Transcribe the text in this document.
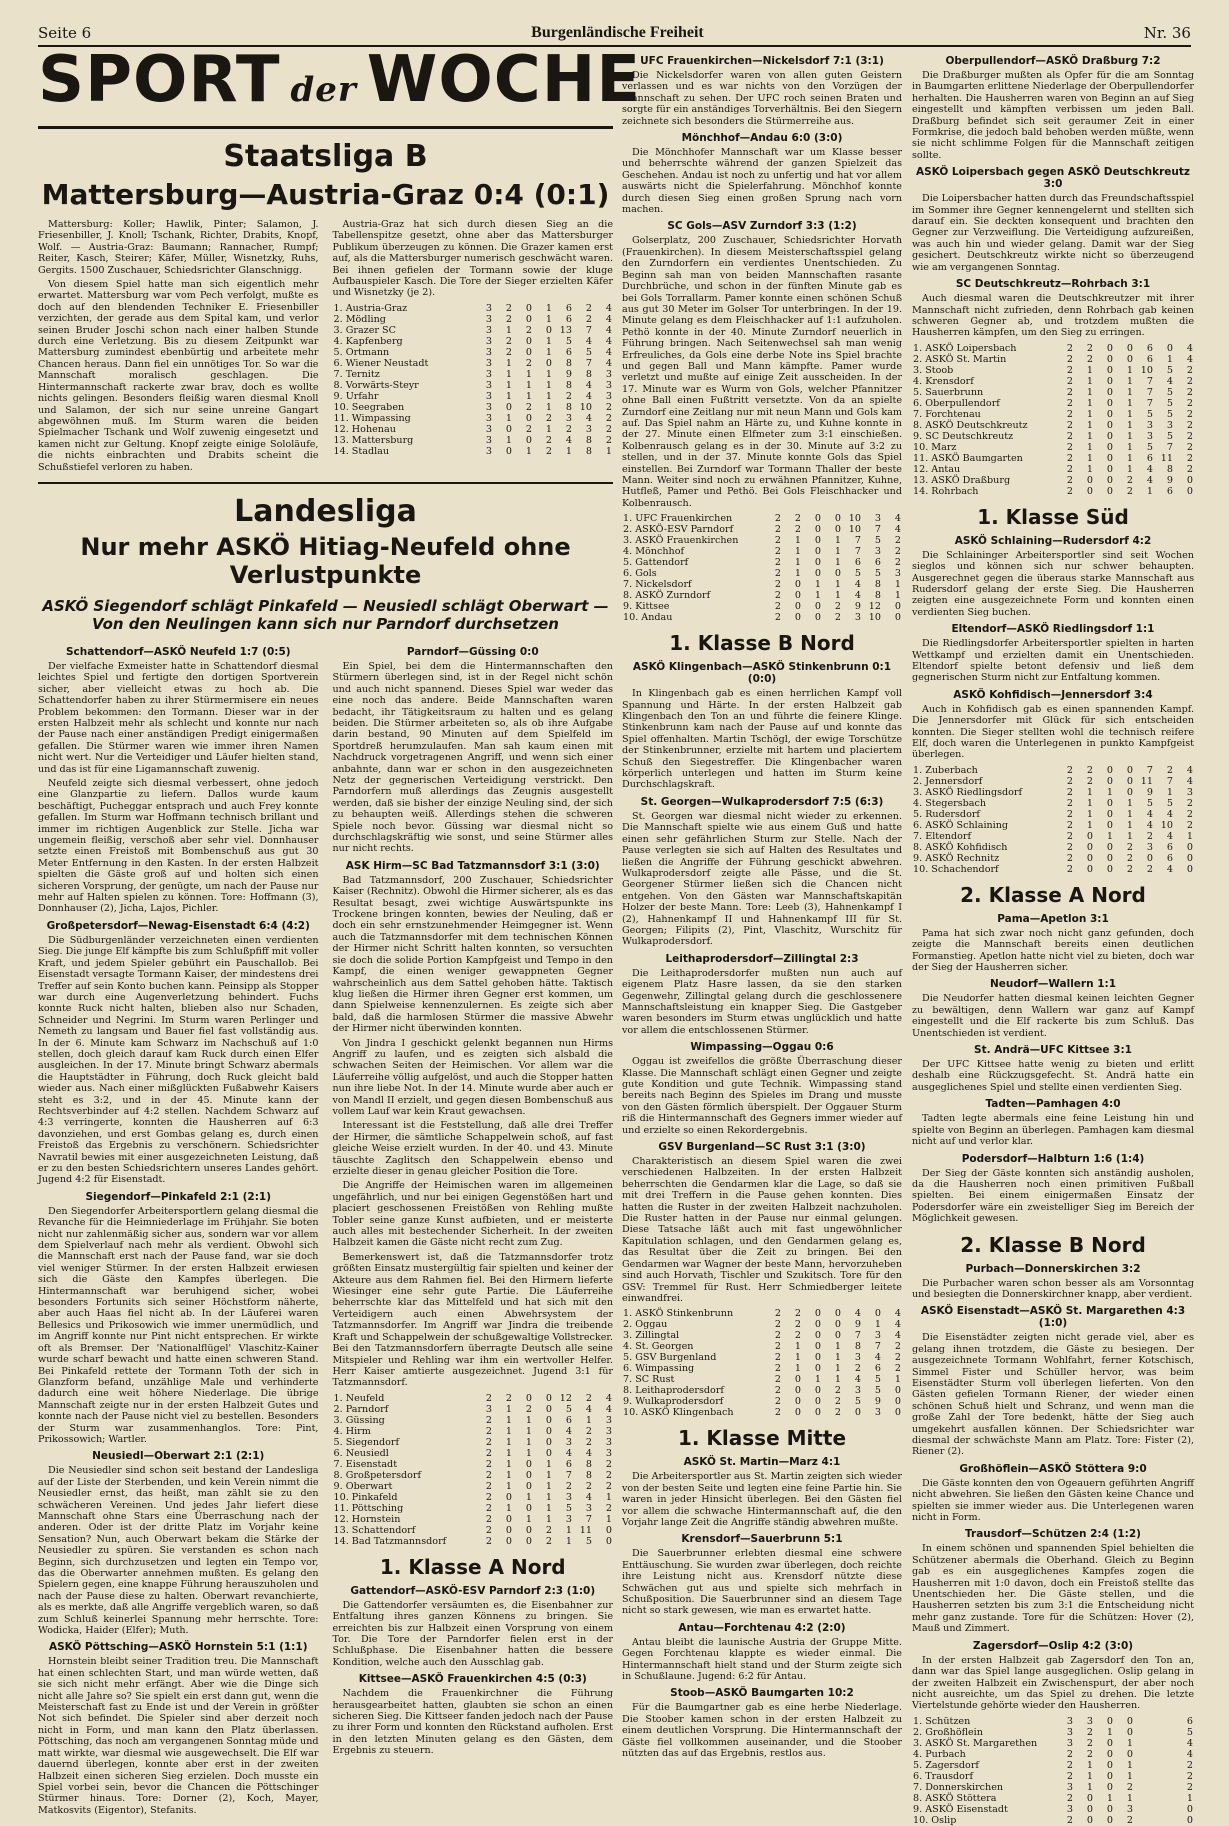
Seite 6	Burgenländische Freiheit	Nr. 36
SPORT der WOCHE
Staatsliga B
Mattersburg—Austria-Graz 0:4 (0:1)

Mattersburg: Koller; Hawlik, Pinter; Salamon, J. Friesenbiller, J. Knoll; Tschank, Richter, Drabits, Knopf, Wolf. — Austria-Graz: Baumann; Rannacher, Rumpf; Reiter, Kasch, Steirer; Käfer, Müller, Wisnetzky, Ruhs, Gergits. 1500 Zuschauer, Schiedsrichter Glanschnigg.

Von diesem Spiel hatte man sich eigentlich mehr erwartet. Mattersburg war vom Pech verfolgt, mußte es doch auf den blendenden Techniker E. Friesenbiller verzichten, der gerade aus dem Spital kam, und verlor seinen Bruder Joschi schon nach einer halben Stunde durch eine Verletzung. Bis zu diesem Zeitpunkt war Mattersburg zumindest ebenbürtig und arbeitete mehr Chancen heraus. Dann fiel ein unnötiges Tor. So war die Mannschaft moralisch geschlagen. Die Hintermannschaft rackerte zwar brav, doch es wollte nichts gelingen. Besonders fleißig waren diesmal Knoll und Salamon, der sich nur seine unreine Gangart abgewöhnen muß. Im Sturm waren die beiden Spielmacher Tschank und Wolf zuwenig eingesetzt und kamen nicht zur Geltung. Knopf zeigte einige Sololäufe, die nichts einbrachten und Drabits scheint die Schußstiefel verloren zu haben.

Austria-Graz hat sich durch diesen Sieg an die Tabellenspitze gesetzt, ohne aber das Mattersburger Publikum überzeugen zu können. Die Grazer kamen erst auf, als die Mattersburger numerisch geschwächt waren. Bei ihnen gefielen der Tormann sowie der kluge Aufbauspieler Kasch. Die Tore der Sieger erzielten Käfer und Wisnetzky (je 2).

1. Austria-Graz	3	2	0	1	6	2	4
2. Mödling	3	2	0	1	6	2	4
3. Grazer SC	3	1	2	0	13	7	4
4. Kapfenberg	3	2	0	1	5	4	4
5. Ortmann	3	2	0	1	6	5	4
6. Wiener Neustadt	3	1	2	0	8	7	4
7. Ternitz	3	1	1	1	9	8	3
8. Vorwärts-Steyr	3	1	1	1	8	4	3
9. Urfahr	3	1	1	1	2	4	3
10. Seegraben	3	0	2	1	8	10	2
11. Wimpassing	3	1	0	2	3	4	2
12. Hohenau	3	0	2	1	2	3	2
13. Mattersburg	3	1	0	2	4	8	2
14. Stadlau	3	0	1	2	1	8	1
Landesliga
Nur mehr ASKÖ Hitiag-Neufeld ohne Verlustpunkte
ASKÖ Siegendorf schlägt Pinkafeld — Neusiedl schlägt Oberwart — Von den Neulingen kann sich nur Parndorf durchsetzen
Schattendorf—ASKÖ Neufeld 1:7 (0:5)

Der vielfache Exmeister hatte in Schattendorf diesmal leichtes Spiel und fertigte den dortigen Sportverein sicher, aber vielleicht etwas zu hoch ab. Die Schattendorfer haben zu ihrer Stürmermisere ein neues Problem bekommen: den Tormann. Dieser war in der ersten Halbzeit mehr als schlecht und konnte nur nach der Pause nach einer anständigen Predigt einigermaßen gefallen. Die Stürmer waren wie immer ihren Namen nicht wert. Nur die Verteidiger und Läufer hielten stand, und das ist für eine Ligamannschaft zuwenig.

Neufeld zeigte sich diesmal verbessert, ohne jedoch eine Glanzpartie zu liefern. Dallos wurde kaum beschäftigt, Pucheggar entsprach und auch Frey konnte gefallen. Im Sturm war Hoffmann technisch brillant und immer im richtigen Augenblick zur Stelle. Jicha war ungemein fleißig, verschoß aber sehr viel. Donnhauser setzte einen Freistoß mit Bombenschuß aus gut 30 Meter Entfernung in den Kasten. In der ersten Halbzeit spielten die Gäste groß auf und holten sich einen sicheren Vorsprung, der genügte, um nach der Pause nur mehr auf Halten spielen zu können. Tore: Hoffmann (3), Donnhauser (2), Jicha, Lajos, Pichler.

Großpetersdorf—Newag-Eisenstadt 6:4 (4:2)

Die Südburgenländer verzeichneten einen verdienten Sieg. Die junge Elf kämpfte bis zum Schlußpfiff mit voller Kraft, und jedem Spieler gebührt ein Pauschallob. Bei Eisenstadt versagte Tormann Kaiser, der mindestens drei Treffer auf sein Konto buchen kann. Peinsipp als Stopper war durch eine Augenverletzung behindert. Fuchs konnte Ruck nicht halten, blieben also nur Schaden, Schneider und Negrini. Im Sturm waren Perlinger und Nemeth zu langsam und Bauer fiel fast vollständig aus. In der 6. Minute kam Schwarz im Nachschuß auf 1:0 stellen, doch gleich darauf kam Ruck durch einen Elfer ausgleichen. In der 17. Minute bringt Schwarz abermals die Hauptstädter in Führung, doch Ruck gleicht bald wieder aus. Nach einer mißglückten Fußabwehr Kaisers steht es 3:2, und in der 45. Minute kann der Rechtsverbinder auf 4:2 stellen. Nachdem Schwarz auf 4:3 verringerte, konnten die Hausherren auf 6:3 davonziehen, und erst Gombas gelang es, durch einen Freistoß das Ergebnis zu verschönern. Schiedsrichter Navratil bewies mit einer ausgezeichneten Leistung, daß er zu den besten Schiedsrichtern unseres Landes gehört. Jugend 4:2 für Eisenstadt.

Siegendorf—Pinkafeld 2:1 (2:1)

Den Siegendorfer Arbeitersportlern gelang diesmal die Revanche für die Heimniederlage im Frühjahr. Sie boten nicht nur zahlenmäßig sicher aus, sondern war vor allem dem Spielverlauf nach mehr als verdient. Obwohl sich die Mannschaft erst nach der Pause fand, war sie doch viel weniger Stürmer. In der ersten Halbzeit erwiesen sich die Gäste den Kampfes überlegen. Die Hintermannschaft war beruhigend sicher, wobei besonders Fortunits sich seiner Höchstform näherte, aber auch Haas fiel nicht ab. In der Läuferei waren Bellesics und Prikosowich wie immer unermüdlich, und im Angriff konnte nur Pint nicht entsprechen. Er wirkte oft als Bremser. Der 'Nationalflügel' Vlaschitz-Kainer wurde scharf bewacht und hatte einen schweren Stand. Bei Pinkafeld rettete der Tormann Toth der sich in Glanzform befand, unzählige Male und verhinderte dadurch eine weit höhere Niederlage. Die übrige Mannschaft zeigte nur in der ersten Halbzeit Gutes und konnte nach der Pause nicht viel zu bestellen. Besonders der Sturm war zusammenhanglos. Tore: Pint, Prikossowich; Wartler.

Neusiedl—Oberwart 2:1 (2:1)

Die Neusiedler sind schon seit bestand der Landesliga auf der Liste der Sterbenden, und kein Verein nimmt die Neusiedler ernst, das heißt, man zählt sie zu den schwächeren Vereinen. Und jedes Jahr liefert diese Mannschaft ohne Stars eine Überraschung nach der anderen. Oder ist der dritte Platz im Vorjahr keine Sensation? Nun, auch Oberwart bekam die Stärke der Neusiedler zu spüren. Sie verstanden es schon nach Beginn, sich durchzusetzen und legten ein Tempo vor, das die Oberwarter annehmen mußten. Es gelang den Spielern gegen, eine knappe Führung herauszuholen und nach der Pause diese zu halten. Oberwart revanchierte, als es merkte, daß alle Angriffe vergeblich waren, so daß zum Schluß keinerlei Spannung mehr herrschte. Tore: Wodicka, Haider (Elfer); Muth.

ASKÖ Pöttsching—ASKÖ Hornstein 5:1 (1:1)

Hornstein bleibt seiner Tradition treu. Die Mannschaft hat einen schlechten Start, und man würde wetten, daß sie sich nicht mehr erfängt. Aber wie die Dinge sich nicht alle Jahre so? Sie spielt ein erst dann gut, wenn die Meisterschaft fast zu Ende ist und der Verein in größter Not sich befindet. Die Spieler sind aber derzeit noch nicht in Form, und man kann den Platz überlassen. Pöttsching, das noch am vergangenen Sonntag müde und matt wirkte, war diesmal wie ausgewechselt. Die Elf war dauernd überlegen, konnte aber erst in der zweiten Halbzeit einen sicheren Sieg erzielen. Doch musste ein Spiel vorbei sein, bevor die Chancen die Pöttschinger Stürmer hinaus. Tore: Dorner (2), Koch, Mayer, Matkosvits (Eigentor), Stefanits.

Parndorf—Güssing 0:0

Ein Spiel, bei dem die Hintermannschaften den Stürmern überlegen sind, ist in der Regel nicht schön und auch nicht spannend. Dieses Spiel war weder das eine noch das andere. Beide Mannschaften waren bedacht, ihr Tätigkeitsraum zu halten und es gelang beiden. Die Stürmer arbeiteten so, als ob ihre Aufgabe darin bestand, 90 Minuten auf dem Spielfeld im Sportdreß herumzulaufen. Man sah kaum einen mit Nachdruck vorgetragenen Angriff, und wenn sich einer anbahnte, dann war er schon in den ausgezeichneten Netz der gegnerischen Verteidigung verstrickt. Den Parndorfern muß allerdings das Zeugnis ausgestellt werden, daß sie bisher der einzige Neuling sind, der sich zu behaupten weiß. Allerdings stehen die schweren Spiele noch bevor. Güssing war diesmal nicht so durchschlagskräftig wie sonst, und seine Stürmer alles nur nicht rechts.

ASK Hirm—SC Bad Tatzmannsdorf 3:1 (3:0)

Bad Tatzmannsdorf, 200 Zuschauer, Schiedsrichter Kaiser (Rechnitz). Obwohl die Hirmer sicherer, als es das Resultat besagt, zwei wichtige Auswärtspunkte ins Trockene bringen konnten, bewies der Neuling, daß er doch ein sehr ernstzunehmender Heimgegner ist. Wenn auch die Tatzmannsdorfer mit dem technischen Können der Hirmer nicht Schritt halten konnten, so versuchten sie doch die solide Portion Kampfgeist und Tempo in den Kampf, die einen weniger gewappneten Gegner wahrscheinlich aus dem Sattel gehoben hätte. Taktisch klug ließen die Hirmer ihren Gegner erst kommen, um dann Spielweise kennenzulernen. Es zeigte sich aber bald, daß die harmlosen Stürmer die massive Abwehr der Hirmer nicht überwinden konnten.

Von Jindra I geschickt gelenkt begannen nun Hirms Angriff zu laufen, und es zeigten sich alsbald die schwachen Seiten der Heimischen. Vor allem war die Läuferreihe völlig aufgelöst, und auch die Stopper hatten nun ihre liebe Not. In der 14. Minute wurde aber auch er von Mandl II erzielt, und gegen diesen Bombenschuß aus vollem Lauf war kein Kraut gewachsen.

Interessant ist die Feststellung, daß alle drei Treffer der Hirmer, die sämtliche Schappelwein schoß, auf fast gleiche Weise erzielt wurden. In der 40. und 43. Minute täuschte Zaglitsch den Schappelwein ebenso und erzielte dieser in genau gleicher Position die Tore.

Die Angriffe der Heimischen waren im allgemeinen ungefährlich, und nur bei einigen Gegenstößen hart und placiert geschossenen Freistößen von Rehling mußte Tobler seine ganze Kunst aufbieten, und er meisterte auch alles mit bestechender Sicherheit. In der zweiten Halbzeit kamen die Gäste nicht recht zum Zug.

Bemerkenswert ist, daß die Tatzmannsdorfer trotz größten Einsatz mustergültig fair spielten und keiner der Akteure aus dem Rahmen fiel. Bei den Hirmern lieferte Wiesinger eine sehr gute Partie. Die Läuferreihe beherrschte klar das Mittelfeld und hat sich mit den Verteidigern auch einen Abwehrsystem der Tatzmannsdorfer. Im Angriff war Jindra die treibende Kraft und Schappelwein der schußgewaltige Vollstrecker. Bei den Tatzmannsdorfern überragte Deutsch alle seine Mitspieler und Rehling war ihm ein wertvoller Helfer. Herr Kaiser amtierte ausgezeichnet. Jugend 3:1 für Tatzmannsdorf.

1. Neufeld	2	2	0	0	12	2	4
2. Parndorf	3	1	2	0	5	4	4
3. Güssing	2	1	1	0	6	1	3
4. Hirm	2	1	1	0	4	2	3
5. Siegendorf	2	1	1	0	3	2	3
6. Neusiedl	2	1	1	0	4	4	3
7. Eisenstadt	2	1	0	1	6	8	2
8. Großpetersdorf	2	1	0	1	7	8	2
9. Oberwart	2	1	0	1	2	2	2
10. Pinkafeld	2	0	1	1	3	4	1
11. Pöttsching	2	1	0	1	5	3	2
12. Hornstein	2	0	1	1	3	7	1
13. Schattendorf	2	0	0	2	1	11	0
14. Bad Tatzmannsdorf	2	0	0	2	1	5	0
1. Klasse A Nord
Gattendorf—ASKÖ-ESV Parndorf 2:3 (1:0)

Die Gattendorfer versäumten es, die Eisenbahner zur Entfaltung ihres ganzen Könnens zu bringen. Sie erreichten bis zur Halbzeit einen Vorsprung von einem Tor. Die Tore der Parndorfer fielen erst in der Schlußphase. Die Eisenbahner hatten die bessere Kondition, welche auch den Ausschlag gab.

Kittsee—ASKÖ Frauenkirchen 4:5 (0:3)

Nachdem die Frauenkirchner die Führung herausgearbeitet hatten, glaubten sie schon an einen sicheren Sieg. Die Kittseer fanden jedoch nach der Pause zu ihrer Form und konnten den Rückstand aufholen. Erst in den letzten Minuten gelang es den Gästen, dem Ergebnis zu steuern.

UFC Frauenkirchen—Nickelsdorf 7:1 (3:1)

Die Nickelsdorfer waren von allen guten Geistern verlassen und es war nichts von den Vorzügen der Mannschaft zu sehen. Der UFC roch seinen Braten und sorgte für ein anständiges Torverhältnis. Bei den Siegern zeichnete sich besonders die Stürmerreihe aus.

Mönchhof—Andau 6:0 (3:0)

Die Mönchhofer Mannschaft war um Klasse besser und beherrschte während der ganzen Spielzeit das Geschehen. Andau ist noch zu unfertig und hat vor allem auswärts nicht die Spielerfahrung. Mönchhof konnte durch diesen Sieg einen großen Sprung nach vorn machen.

SC Gols—ASV Zurndorf 3:3 (1:2)

Golserplatz, 200 Zuschauer, Schiedsrichter Horvath (Frauenkirchen). In diesem Meisterschaftsspiel gelang den Zurndorfern ein verdientes Unentschieden. Zu Beginn sah man von beiden Mannschaften rasante Durchbrüche, und schon in der fünften Minute gab es bei Gols Torrallarm. Pamer konnte einen schönen Schuß aus gut 30 Meter im Golser Tor unterbringen. In der 19. Minute gelang es dem Fleischhacker auf 1:1 aufzuholen. Pethö konnte in der 40. Minute Zurndorf neuerlich in Führung bringen. Nach Seitenwechsel sah man wenig Erfreuliches, da Gols eine derbe Note ins Spiel brachte und gegen Ball und Mann kämpfte. Pamer wurde verletzt und mußte auf einige Zeit ausscheiden. In der 17. Minute war es Wurm von Gols, welcher Pfannitzer ohne Ball einen Fußtritt versetzte. Von da an spielte Zurndorf eine Zeitlang nur mit neun Mann und Gols kam auf. Das Spiel nahm an Härte zu, und Kuhne konnte in der 27. Minute einen Elfmeter zum 3:1 einschießen. Kolbenrausch gelang es in der 30. Minute auf 3:2 zu stellen, und in der 37. Minute konnte Gols das Spiel einstellen. Bei Zurndorf war Tormann Thaller der beste Mann. Weiter sind noch zu erwähnen Pfannitzer, Kuhne, Hutfleß, Pamer und Pethö. Bei Gols Fleischhacker und Kolbenrausch.

1. UFC Frauenkirchen	2	2	0	0	10	3	4
2. ASKÖ-ESV Parndorf	2	2	0	0	10	7	4
3. ASKÖ Frauenkirchen	2	1	0	1	7	5	2
4. Mönchhof	2	1	0	1	7	3	2
5. Gattendorf	2	1	0	1	6	6	2
6. Gols	2	1	0	0	5	5	3
7. Nickelsdorf	2	0	1	1	4	8	1
8. ASKÖ Zurndorf	2	0	1	1	4	8	1
9. Kittsee	2	0	0	2	9	12	0
10. Andau	2	0	0	2	3	10	0
1. Klasse B Nord
ASKÖ Klingenbach—ASKÖ Stinkenbrunn 0:1 (0:0)

In Klingenbach gab es einen herrlichen Kampf voll Spannung und Härte. In der ersten Halbzeit gab Klingenbach den Ton an und führte die feinere Klinge. Stinkenbrunn kam nach der Pause auf und konnte das Spiel offenhalten. Martin Tschögl, der ewige Torschütze der Stinkenbrunner, erzielte mit hartem und placiertem Schuß den Siegestreffer. Die Klingenbacher waren körperlich unterlegen und hatten im Sturm keine Durchschlagskraft.

St. Georgen—Wulkaprodersdorf 7:5 (6:3)

St. Georgen war diesmal nicht wieder zu erkennen. Die Mannschaft spielte wie aus einem Guß und hatte einen sehr gefährlichen Sturm zur Stelle. Nach der Pause verlegten sie sich auf Halten des Resultates und ließen die Angriffe der Führung geschickt abwehren. Wulkaprodersdorf zeigte alle Pässe, und die St. Georgener Stürmer ließen sich die Chancen nicht entgehen. Von den Gästen war Mannschaftskapitän Holzer der beste Mann. Tore: Leeb (3), Hahnenkampf I (2), Hahnenkampf II und Hahnenkampf III für St. Georgen; Filipits (2), Pint, Vlaschitz, Wurschitz für Wulkaprodersdorf.

Leithaprodersdorf—Zillingtal 2:3

Die Leithaprodersdorfer mußten nun auch auf eigenem Platz Hasre lassen, da sie den starken Gegenwehr, Zillingtal gelang durch die geschlossenere Mannschaftsleistung ein knapper Sieg. Die Gastgeber waren besonders im Sturm etwas unglücklich und hatte vor allem die entschlossenen Stürmer.

Wimpassing—Oggau 0:6

Oggau ist zweifellos die größte Überraschung dieser Klasse. Die Mannschaft schlägt einen Gegner und zeigte gute Kondition und gute Technik. Wimpassing stand bereits nach Beginn des Spieles im Drang und musste von den Gästen förmlich überspielt. Der Oggauer Sturm riß die Hintermannschaft des Gegners immer wieder auf und erzielte so einen Rekordergebnis.

GSV Burgenland—SC Rust 3:1 (3:0)

Charakteristisch an diesem Spiel waren die zwei verschiedenen Halbzeiten. In der ersten Halbzeit beherrschten die Gendarmen klar die Lage, so daß sie mit drei Treffern in die Pause gehen konnten. Dies hatten die Ruster in der zweiten Halbzeit nachzuholen. Die Ruster hatten in der Pause nur einmal gelungen. Diese Tatsache läßt auch mit fast ungewöhnlicher Kapitulation schlagen, und den Gendarmen gelang es, das Resultat über die Zeit zu bringen. Bei den Gendarmen war Wagner der beste Mann, hervorzuheben sind auch Horvath, Tischler und Szukitsch. Tore für den GSV: Tremmel für Rust. Herr Schmiedberger leitete einwandfrei.

1. ASKÖ Stinkenbrunn	2	2	0	0	4	0	4
2. Oggau	2	2	0	0	9	1	4
3. Zillingtal	2	2	0	0	7	3	4
4. St. Georgen	2	1	0	1	8	7	2
5. GSV Burgenland	2	1	0	1	3	4	2
6. Wimpassing	2	1	0	1	2	6	2
7. SC Rust	2	0	1	1	4	5	1
8. Leithaprodersdorf	2	0	0	2	3	5	0
9. Wulkaprodersdorf	2	0	0	2	5	9	0
10. ASKÖ Klingenbach	2	0	0	2	0	3	0
1. Klasse Mitte
ASKÖ St. Martin—Marz 4:1

Die Arbeitersportler aus St. Martin zeigten sich wieder von der besten Seite und legten eine feine Partie hin. Sie waren in jeder Hinsicht überlegen. Bei den Gästen fiel vor allem die schwache Hintermannschaft auf, die den Vorjahr lange Zeit die Angriffe ständig abwehren mußte.

Krensdorf—Sauerbrunn 5:1

Die Sauerbrunner erlebten diesmal eine schwere Enttäuschung. Sie wurden zwar überlegen, doch reichte ihre Leistung nicht aus. Krensdorf nützte diese Schwächen gut aus und spielte sich mehrfach in Schußposition. Die Sauerbrunner sind an diesem Tage nicht so stark gewesen, wie man es erwartet hatte.

Antau—Forchtenau 4:2 (2:0)

Antau bleibt die launische Austria der Gruppe Mitte. Gegen Forchtenau klappte es wieder einmal. Die Hintermannschaft hielt stand und der Sturm zeigte sich in Schußlaune. Jugend: 6:2 für Antau.

Stoob—ASKÖ Baumgarten 10:2

Für die Baumgartner gab es eine herbe Niederlage. Die Stoober kamen schon in der ersten Halbzeit zu einem deutlichen Vorsprung. Die Hintermannschaft der Gäste fiel vollkommen auseinander, und die Stoober nützten das auf das Ergebnis, restlos aus.

Oberpullendorf—ASKÖ Draßburg 7:2

Die Draßburger mußten als Opfer für die am Sonntag in Baumgarten erlittene Niederlage der Oberpullendorfer herhalten. Die Hausherren waren von Beginn an auf Sieg eingestellt und kämpften verbissen um jeden Ball. Draßburg befindet sich seit geraumer Zeit in einer Formkrise, die jedoch bald behoben werden müßte, wenn sie nicht schlimme Folgen für die Mannschaft zeitigen sollte.

ASKÖ Loipersbach gegen ASKÖ Deutschkreutz 3:0

Die Loipersbacher hatten durch das Freundschaftsspiel im Sommer ihre Gegner kennengelernt und stellten sich darauf ein. Sie deckten konsequent und brachten den Gegner zur Verzweiflung. Die Verteidigung aufzureißen, was auch hin und wieder gelang. Damit war der Sieg gesichert. Deutschkreutz wirkte nicht so überzeugend wie am vergangenen Sonntag.

SC Deutschkreutz—Rohrbach 3:1

Auch diesmal waren die Deutschkreutzer mit ihrer Mannschaft nicht zufrieden, denn Rohrbach gab keinen schweren Gegner ab, und trotzdem mußten die Hausherren kämpfen, um den Sieg zu erringen.

1. ASKÖ Loipersbach	2	2	0	0	6	0	4
2. ASKÖ St. Martin	2	2	0	0	6	1	4
3. Stoob	2	1	0	1	10	5	2
4. Krensdorf	2	1	0	1	7	4	2
5. Sauerbrunn	2	1	0	1	7	5	2
6. Oberpullendorf	2	1	0	1	7	5	2
7. Forchtenau	2	1	0	1	5	5	2
8. ASKÖ Deutschkreutz	2	1	0	1	3	3	2
9. SC Deutschkreutz	2	1	0	1	3	5	2
10. Marz	2	1	0	1	5	7	2
11. ASKÖ Baumgarten	2	1	0	1	6	11	2
12. Antau	2	1	0	1	4	8	2
13. ASKÖ Draßburg	2	0	0	2	4	9	0
14. Rohrbach	2	0	0	2	1	6	0
1. Klasse Süd
ASKÖ Schlaining—Rudersdorf 4:2

Die Schlaininger Arbeitersportler sind seit Wochen sieglos und können sich nur schwer behaupten. Ausgerechnet gegen die überaus starke Mannschaft aus Rudersdorf gelang der erste Sieg. Die Hausherren zeigten eine ausgezeichnete Form und konnten einen verdienten Sieg buchen.

Eltendorf—ASKÖ Riedlingsdorf 1:1

Die Riedlingsdorfer Arbeitersportler spielten in harten Wettkampf und erzielten damit ein Unentschieden. Eltendorf spielte betont defensiv und ließ dem gegnerischen Sturm nicht zur Entfaltung kommen.

ASKÖ Kohfidisch—Jennersdorf 3:4

Auch in Kohfidisch gab es einen spannenden Kampf. Die Jennersdorfer mit Glück für sich entscheiden konnten. Die Sieger stellten wohl die technisch reifere Elf, doch waren die Unterlegenen in punkto Kampfgeist überlegen.

1. Zuberbach	2	2	0	0	7	2	4
2. Jennersdorf	2	2	0	0	11	7	4
3. ASKÖ Riedlingsdorf	2	1	1	0	9	1	3
4. Stegersbach	2	1	0	1	5	5	2
5. Rudersdorf	2	1	0	1	4	4	2
6. ASKÖ Schlaining	2	1	0	1	4	10	2
7. Eltendorf	2	0	1	1	2	4	1
8. ASKÖ Kohfidisch	2	0	0	2	3	6	0
9. ASKÖ Rechnitz	2	0	0	2	0	6	0
10. Schachendorf	2	0	0	2	2	4	0
2. Klasse A Nord
Pama—Apetlon 3:1

Pama hat sich zwar noch nicht ganz gefunden, doch zeigte die Mannschaft bereits einen deutlichen Formanstieg. Apetlon hatte nicht viel zu bieten, doch war der Sieg der Hausherren sicher.

Neudorf—Wallern 1:1

Die Neudorfer hatten diesmal keinen leichten Gegner zu bewältigen, denn Wallern war ganz auf Kampf eingestellt und die Elf rackerte bis zum Schluß. Das Unentschieden ist verdient.

St. Andrä—UFC Kittsee 3:1

Der UFC Kittsee hatte wenig zu bieten und erlitt deshalb eine Rückzugsgefecht. St. Andrä hatte ein ausgeglichenes Spiel und stellte einen verdienten Sieg.

Tadten—Pamhagen 4:0

Tadten legte abermals eine feine Leistung hin und spielte von Beginn an überlegen. Pamhagen kam diesmal nicht auf und verlor klar.

Podersdorf—Halbturn 1:6 (1:4)

Der Sieg der Gäste konnten sich anständig ausholen, da die Hausherren noch einen primitiven Fußball spielten. Bei einem einigermaßen Einsatz der Podersdorfer wäre ein zweistelliger Sieg im Bereich der Möglichkeit gewesen.

2. Klasse B Nord
Purbach—Donnerskirchen 3:2

Die Purbacher waren schon besser als am Vorsonntag und besiegten die Donnerskirchner knapp, aber verdient.

ASKÖ Eisenstadt—ASKÖ St. Margarethen 4:3 (1:0)

Die Eisenstädter zeigten nicht gerade viel, aber es gelang ihnen trotzdem, die Gäste zu besiegen. Der ausgezeichnete Tormann Wohlfahrt, ferner Kotschisch, Simmel Fister und Schüller hervor, was beim Eisenstädter Sturm voll überlegen lieferten. Von den Gästen gefielen Tormann Riener, der wieder einen schönen Schuß hielt und Schranz, und wenn man die große Zahl der Tore bedenkt, hätte der Sieg auch umgekehrt ausfallen können. Der Schiedsrichter war diesmal der schwächste Mann am Platz. Tore: Fister (2), Riener (2).

Großhöflein—ASKÖ Stöttera 9:0

Die Gäste konnten den von Ogeauern geführten Angriff nicht abwehren. Sie ließen den Gästen keine Chance und spielten sie immer wieder aus. Die Unterlegenen waren nicht in Form.

Trausdorf—Schützen 2:4 (1:2)

In einem schönen und spannenden Spiel behielten die Schützener abermals die Oberhand. Gleich zu Beginn gab es ein ausgeglichenes Kampfes zogen die Hausherren mit 1:0 davon, doch ein Freistoß stellte das Unentschieden her. Die Gäste stellen, und die Hausherren setzten bis zum 3:1 die Entscheidung nicht mehr ganz zustande. Tore für die Schützen: Hover (2), Mauß und Zimmert.

Zagersdorf—Oslip 4:2 (3:0)

In der ersten Halbzeit gab Zagersdorf den Ton an, dann war das Spiel lange ausgeglichen. Oslip gelang in der zweiten Halbzeit ein Zwischenspurt, der aber noch nicht ausreichte, um das Spiel zu drehen. Die letzte Viertelstunde gehörte wieder den Hausherren.

1. Schützen	3	3	0	0			6
2. Großhöflein	3	2	1	0			5
3. ASKÖ St. Margarethen	3	2	0	1			4
4. Purbach	2	2	0	0			4
5. Zagersdorf	2	1	0	1			2
6. Trausdorf	2	1	0	1			2
7. Donnerskirchen	3	1	0	2			2
8. ASKÖ Stöttera	2	0	1	1			1
9. ASKÖ Eisenstadt	3	0	0	3			0
10. Oslip	2	0	0	2			0
